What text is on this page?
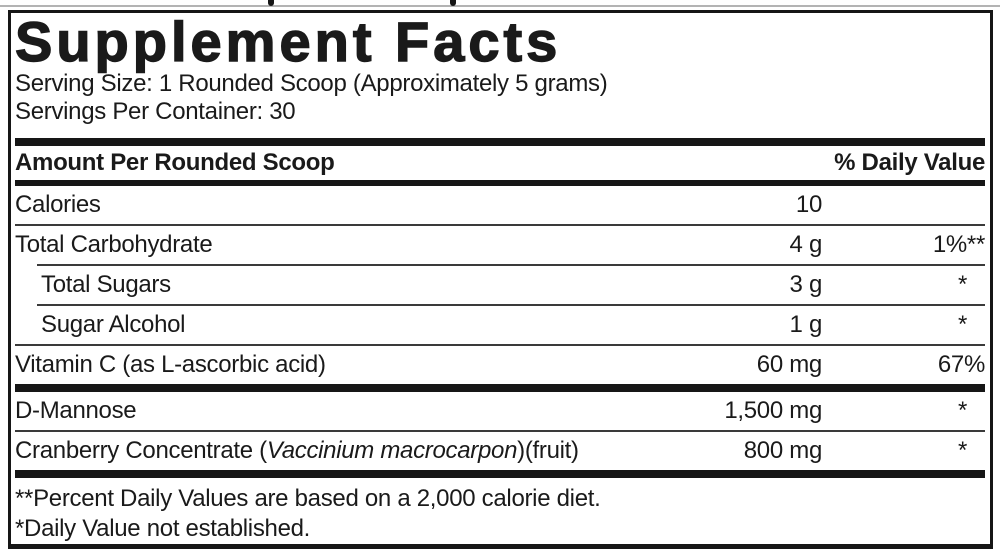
Supplement Facts
Serving Size: 1 Rounded Scoop (Approximately 5 grams)
Servings Per Container: 30
Amount Per Rounded Scoop	% Daily Value
Calories	10
Total Carbohydrate	4 g	1%**
Total Sugars	3 g	*
Sugar Alcohol	1 g	*
Vitamin C (as L-ascorbic acid)	60 mg	67%
D-Mannose	1,500 mg	*
Cranberry Concentrate (Vaccinium macrocarpon)(fruit)	800 mg	*
**Percent Daily Values are based on a 2,000 calorie diet.
*Daily Value not established.
